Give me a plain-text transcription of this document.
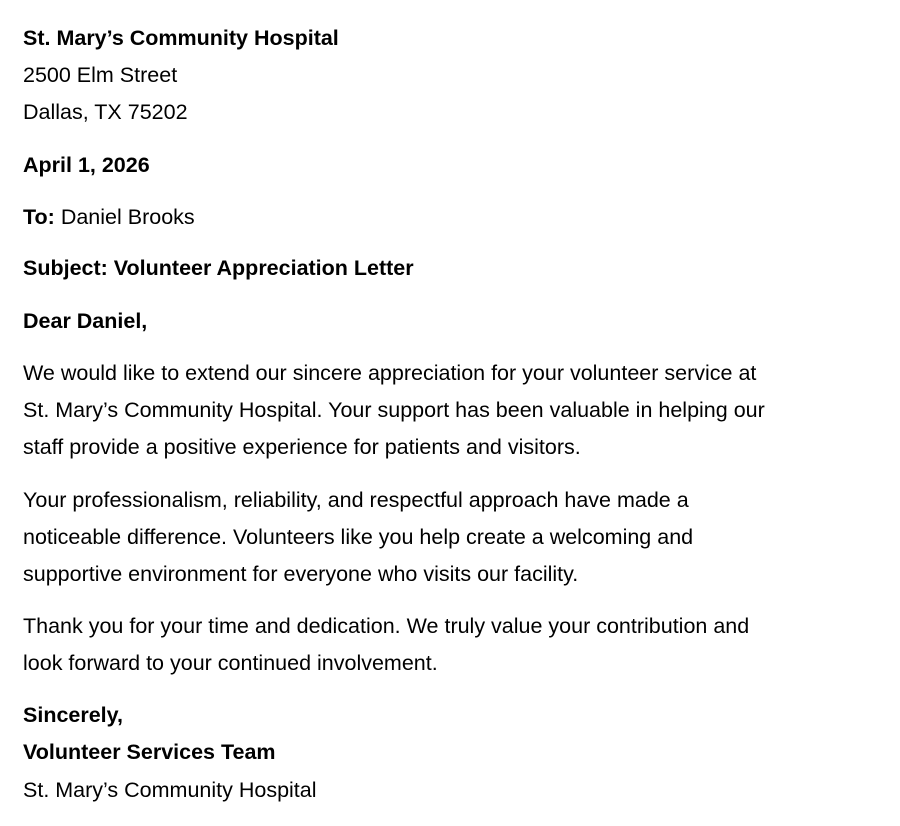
St. Mary’s Community Hospital
2500 Elm Street
Dallas, TX 75202
April 1, 2026
To: Daniel Brooks
Subject: Volunteer Appreciation Letter
Dear Daniel,
We would like to extend our sincere appreciation for your volunteer service at
St. Mary’s Community Hospital. Your support has been valuable in helping our
staff provide a positive experience for patients and visitors.
Your professionalism, reliability, and respectful approach have made a
noticeable difference. Volunteers like you help create a welcoming and
supportive environment for everyone who visits our facility.
Thank you for your time and dedication. We truly value your contribution and
look forward to your continued involvement.
Sincerely,
Volunteer Services Team
St. Mary’s Community Hospital
